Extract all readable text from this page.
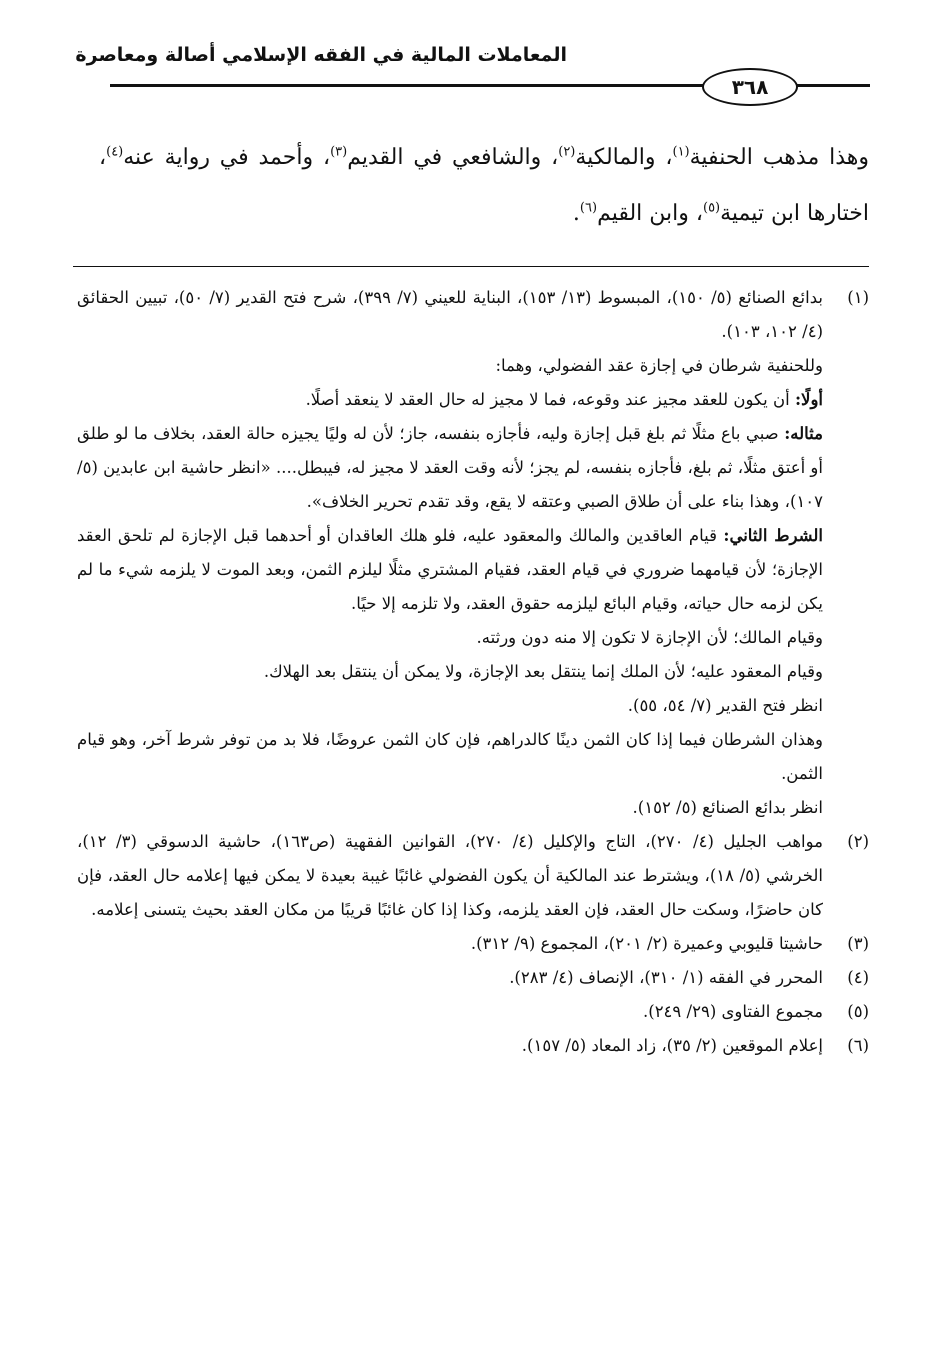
المعاملات المالية في الفقه الإسلامي أصالة ومعاصرة
٣٦٨

وهذا مذهب الحنفية$^{(١)}$، والمالكية$^{(٢)}$، والشافعي في القديم$^{(٣)}$، وأحمد في رواية عنه$^{(٤)}$، اختارها ابن تيمية$^{(٥)}$، وابن القيم$^{(٦)}$.

(١)

بدائع الصنائع (٥/ ١٥٠)، المبسوط (١٣/ ١٥٣)، البناية للعيني (٧/ ٣٩٩)، شرح فتح القدير (٧/ ٥٠)، تبيين الحقائق (٤/ ١٠٢، ١٠٣).

وللحنفية شرطان في إجازة عقد الفضولي، وهما:

أولًا: أن يكون للعقد مجيز عند وقوعه، فما لا مجيز له حال العقد لا ينعقد أصلًا.

مثاله: صبي باع مثلًا ثم بلغ قبل إجازة وليه، فأجازه بنفسه، جاز؛ لأن له وليًا يجيزه حالة العقد، بخلاف ما لو طلق أو أعتق مثلًا، ثم بلغ، فأجازه بنفسه، لم يجز؛ لأنه وقت العقد لا مجيز له، فيبطل.... «انظر حاشية ابن عابدين (٥/ ١٠٧)، وهذا بناء على أن طلاق الصبي وعتقه لا يقع، وقد تقدم تحرير الخلاف».

الشرط الثاني: قيام العاقدين والمالك والمعقود عليه، فلو هلك العاقدان أو أحدهما قبل الإجازة لم تلحق العقد الإجازة؛ لأن قيامهما ضروري في قيام العقد، فقيام المشتري مثلًا ليلزم الثمن، وبعد الموت لا يلزمه شيء ما لم يكن لزمه حال حياته، وقيام البائع ليلزمه حقوق العقد، ولا تلزمه إلا حيًا.

وقيام المالك؛ لأن الإجازة لا تكون إلا منه دون ورثته.

وقيام المعقود عليه؛ لأن الملك إنما ينتقل بعد الإجازة، ولا يمكن أن ينتقل بعد الهلاك.

انظر فتح القدير (٧/ ٥٤، ٥٥).

وهذان الشرطان فيما إذا كان الثمن دينًا كالدراهم، فإن كان الثمن عروضًا، فلا بد من توفر شرط آخر، وهو قيام الثمن.

انظر بدائع الصنائع (٥/ ١٥٢).

(٢)

مواهب الجليل (٤/ ٢٧٠)، التاج والإكليل (٤/ ٢٧٠)، القوانين الفقهية (ص١٦٣)، حاشية الدسوقي (٣/ ١٢)، الخرشي (٥/ ١٨)، ويشترط عند المالكية أن يكون الفضولي غائبًا غيبة بعيدة لا يمكن فيها إعلامه حال العقد، فإن كان حاضرًا، وسكت حال العقد، فإن العقد يلزمه، وكذا إذا كان غائبًا قريبًا من مكان العقد بحيث يتسنى إعلامه.

(٣)

حاشيتا قليوبي وعميرة (٢/ ٢٠١)، المجموع (٩/ ٣١٢).

(٤)

المحرر في الفقه (١/ ٣١٠)، الإنصاف (٤/ ٢٨٣).

(٥)

مجموع الفتاوى (٢٩/ ٢٤٩).

(٦)

إعلام الموقعين (٢/ ٣٥)، زاد المعاد (٥/ ١٥٧).
